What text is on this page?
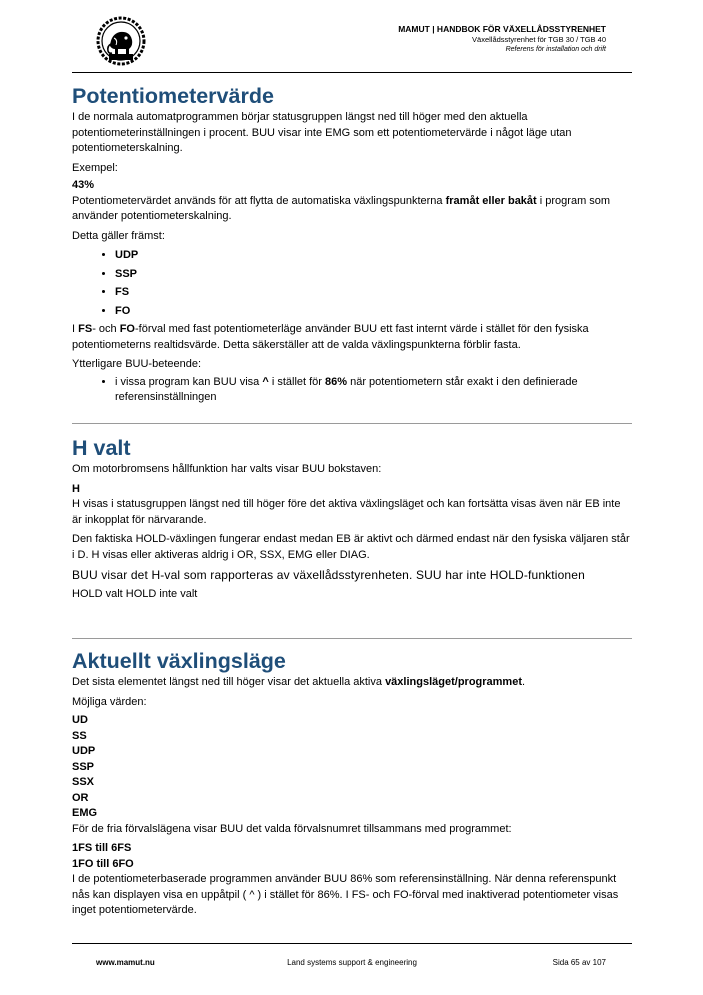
MAMUT | HANDBOK FÖR VÄXELLÅDSSTYRENHET
Växellådsstyrenhet för TGB 30 / TGB 40
Referens för installation och drift
Potentiometervärde

I de normala automatprogrammen börjar statusgruppen längst ned till höger med den aktuella potentiometerinställningen i procent. BUU visar inte EMG som ett potentiometervärde i något läge utan potentiometerskalning.

Exempel:

43%

Potentiometervärdet används för att flytta de automatiska växlingspunkterna framåt eller bakåt i program som använder potentiometerskalning.

Detta gäller främst:

• UDP
• SSP
• FS
• FO

I FS- och FO-förval med fast potentiometerläge använder BUU ett fast internt värde i stället för den fysiska potentiometerns realtidsvärde. Detta säkerställer att de valda växlingspunkterna förblir fasta.

Ytterligare BUU-beteende:

• i vissa program kan BUU visa ^ i stället för 86% när potentiometern står exakt i den definierade referensinställningen
H valt

Om motorbromsens hållfunktion har valts visar BUU bokstaven:

H

H visas i statusgruppen längst ned till höger före det aktiva växlingsläget och kan fortsätta visas även när EB inte är inkopplat för närvarande.

Den faktiska HOLD-växlingen fungerar endast medan EB är aktivt och därmed endast när den fysiska väljaren står i D. H visas eller aktiveras aldrig i OR, SSX, EMG eller DIAG.

BUU visar det H-val som rapporteras av växellådsstyrenheten. SUU har inte HOLD-funktionen

HOLD valt HOLD inte valt

Aktuellt växlingsläge

Det sista elementet längst ned till höger visar det aktuella aktiva växlingsläget/programmet.

Möjliga värden:

UD

SS

UDP

SSP

SSX

OR

EMG

För de fria förvalslägena visar BUU det valda förvalsnumret tillsammans med programmet:

1FS till 6FS

1FO till 6FO

I de potentiometerbaserade programmen använder BUU 86% som referensinställning. När denna referenspunkt nås kan displayen visa en uppåtpil ( ^ ) i stället för 86%. I FS- och FO-förval med inaktiverad potentiometer visas inget potentiometervärde.

www.mamut.nu	Land systems support & engineering	Sida 65 av 107
